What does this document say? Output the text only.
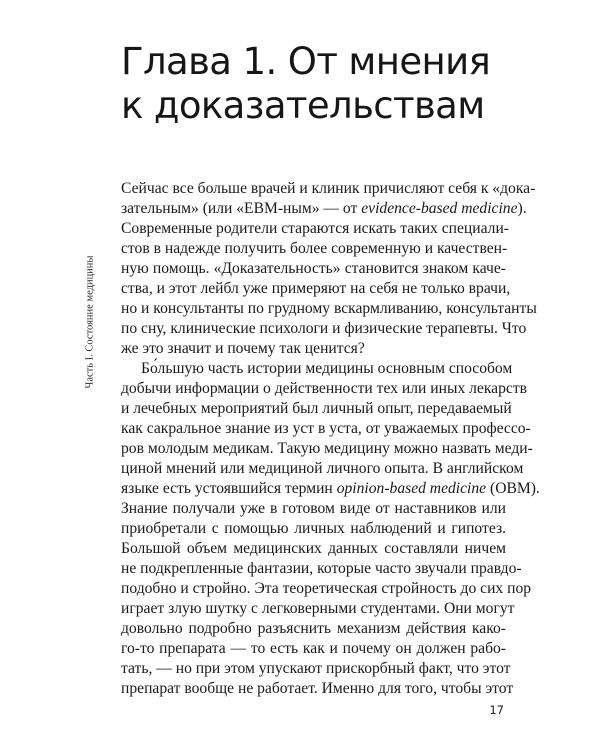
Глава 1. От мнения
к доказательствам
Часть I. Состояние медицины
Сейчас все больше врачей и клиник причисляют себя к «дока-
зательным» (или «EBM-ным» — от evidence-based medicine).
Современные родители стараются искать таких специали-
стов в надежде получить более современную и качествен-
ную помощь. «Доказательность» становится знаком каче-
ства, и этот лейбл уже примеряют на себя не только врачи,
но и консультанты по грудному вскармливанию, консультанты
по сну, клинические психологи и физические терапевты. Что
же это значит и почему так ценится?
Бо́льшую часть истории медицины основным способом
добычи информации о действенности тех или иных лекарств
и лечебных мероприятий был личный опыт, передаваемый
как сакральное знание из уст в уста, от уважаемых профессо-
ров молодым медикам. Такую медицину можно назвать меди-
циной мнений или медициной личного опыта. В английском
языке есть устоявшийся термин opinion-based medicine (OBM).
Знание получали уже в готовом виде от наставников или
приобретали с помощью личных наблюдений и гипотез.
Большой объем медицинских данных составляли ничем
не подкрепленные фантазии, которые часто звучали правдо-
подобно и стройно. Эта теоретическая стройность до сих пор
играет злую шутку с легковерными студентами. Они могут
довольно подробно разъяснить механизм действия како-
го-то препарата — то есть как и почему он должен рабо-
тать, — но при этом упускают прискорбный факт, что этот
препарат вообще не работает. Именно для того, чтобы этот
17
